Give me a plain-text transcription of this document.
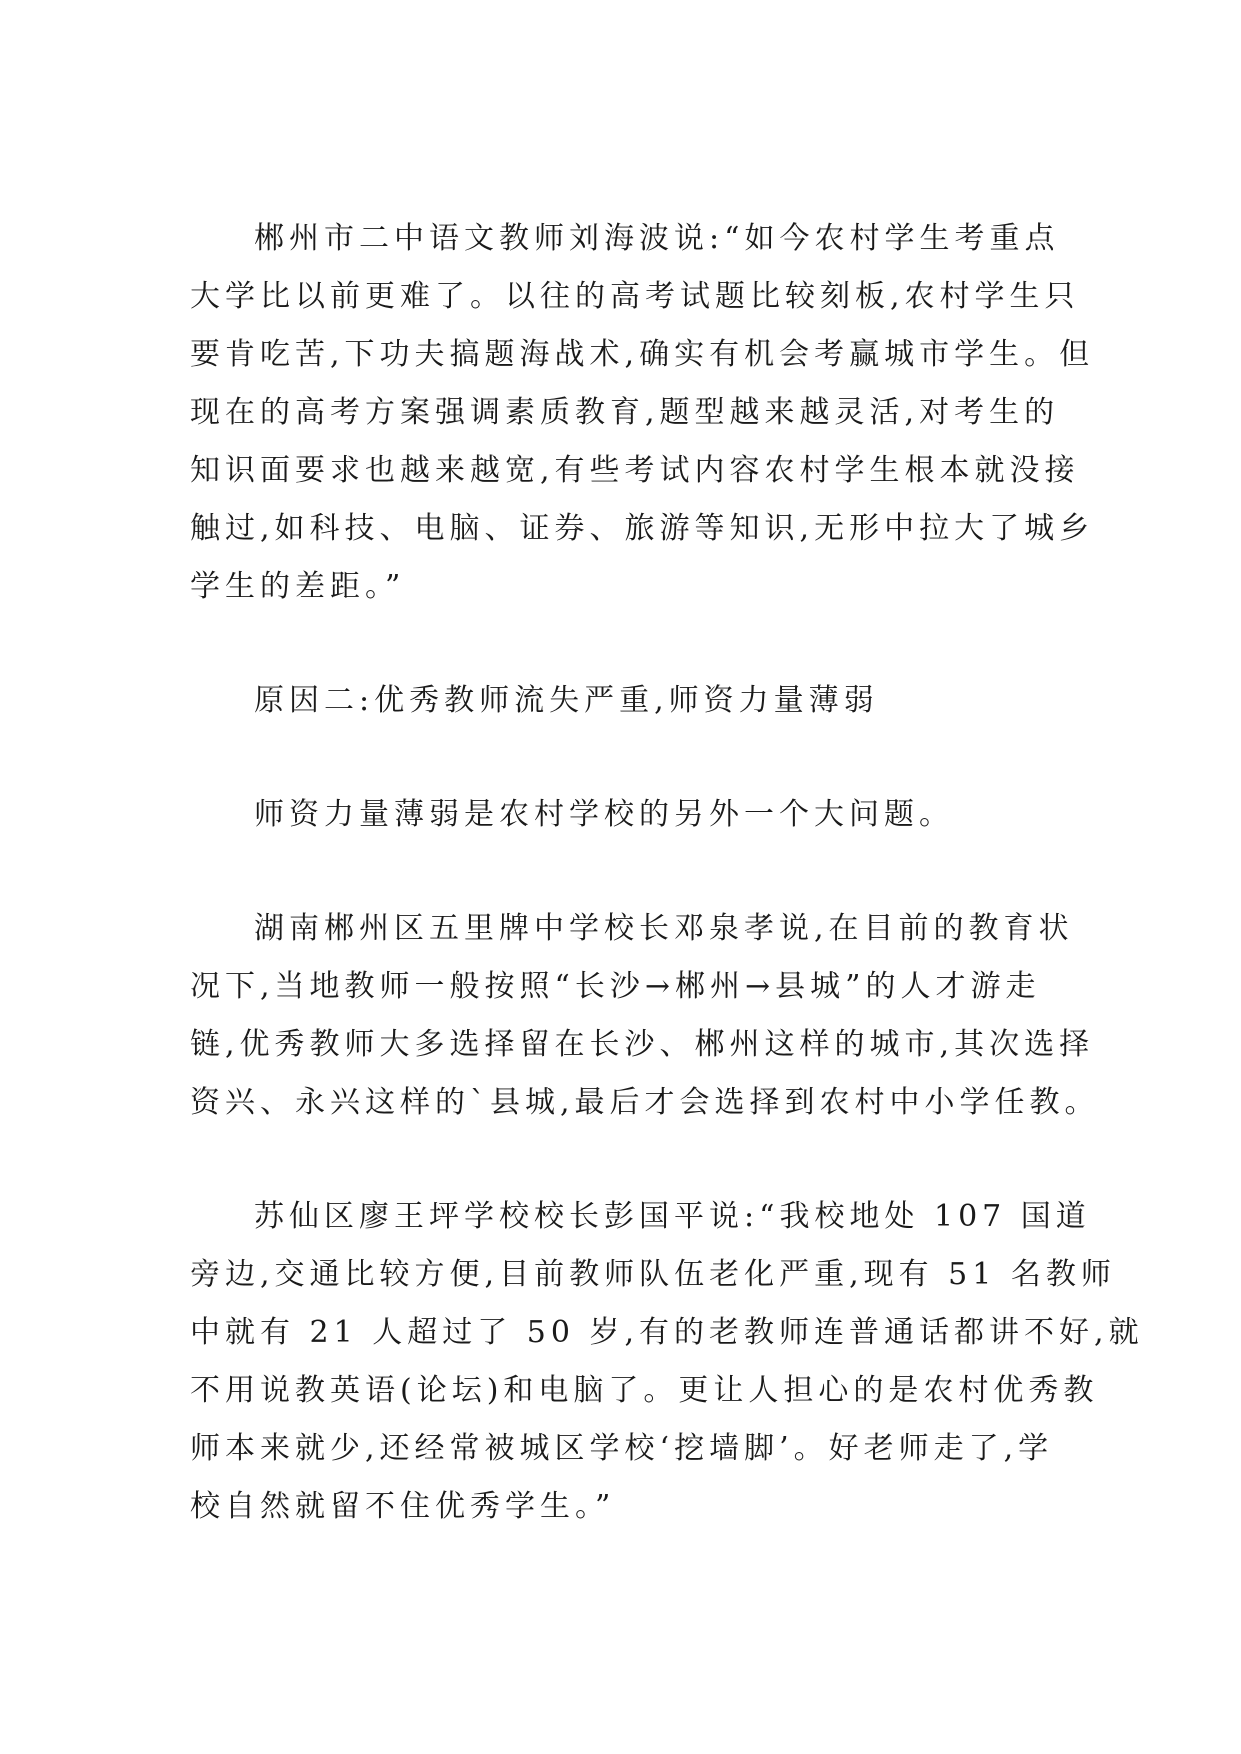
郴州市二中语文教师刘海波说:“如今农村学生考重点
大学比以前更难了。以往的高考试题比较刻板,农村学生只
要肯吃苦,下功夫搞题海战术,确实有机会考赢城市学生。但
现在的高考方案强调素质教育,题型越来越灵活,对考生的
知识面要求也越来越宽,有些考试内容农村学生根本就没接
触过,如科技、电脑、证券、旅游等知识,无形中拉大了城乡
学生的差距。”
原因二:优秀教师流失严重,师资力量薄弱
师资力量薄弱是农村学校的另外一个大问题。
湖南郴州区五里牌中学校长邓泉孝说,在目前的教育状
况下,当地教师一般按照“长沙→郴州→县城”的人才游走
链,优秀教师大多选择留在长沙、郴州这样的城市,其次选择
资兴、永兴这样的`县城,最后才会选择到农村中小学任教。
苏仙区廖王坪学校校长彭国平说:“我校地处 107 国道
旁边,交通比较方便,目前教师队伍老化严重,现有 51 名教师
中就有 21 人超过了 50 岁,有的老教师连普通话都讲不好,就
不用说教英语(论坛)和电脑了。更让人担心的是农村优秀教
师本来就少,还经常被城区学校‘挖墙脚’。好老师走了,学
校自然就留不住优秀学生。”
